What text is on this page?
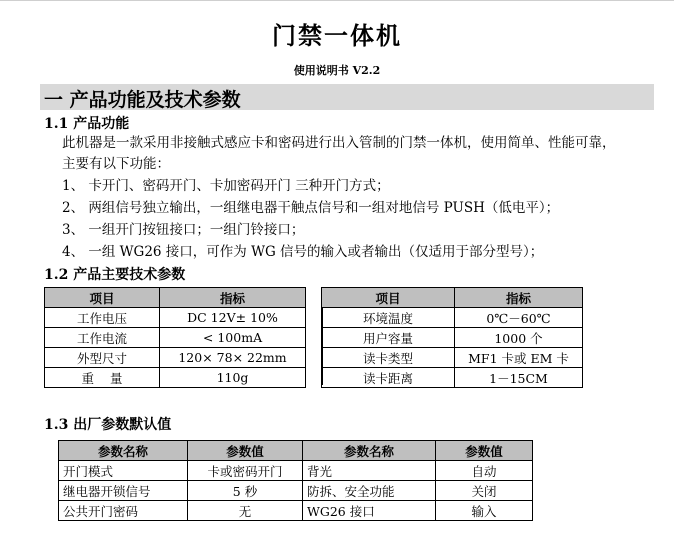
门禁一体机
使用说明书 V2.2
一 产品功能及技术参数
1.1 产品功能
此机器是一款采用非接触式感应卡和密码进行出入管制的门禁一体机，使用简单、性能可靠，
主要有以下功能：
1、 卡开门、密码开门、卡加密码开门 三种开门方式；
2、 两组信号独立输出，一组继电器干触点信号和一组对地信号 PUSH（低电平）；
3、 一组开门按钮接口；一组门铃接口；
4、 一组 WG26 接口，可作为 WG 信号的输入或者输出（仅适用于部分型号）；
1.2 产品主要技术参数
项目	指标
工作电压	DC 12V± 10%
工作电流	< 100mA
外型尺寸	120× 78× 22mm
重    量	110g
项目	指标
环境温度	0℃－60℃
用户容量	1000 个
读卡类型	MF1 卡或 EM 卡
读卡距离	1－15CM
1.3 出厂参数默认值
参数名称	参数值	参数名称	参数值
开门模式	卡或密码开门	背光	自动
继电器开锁信号	5 秒	防拆、安全功能	关闭
公共开门密码	无	WG26 接口	输入
